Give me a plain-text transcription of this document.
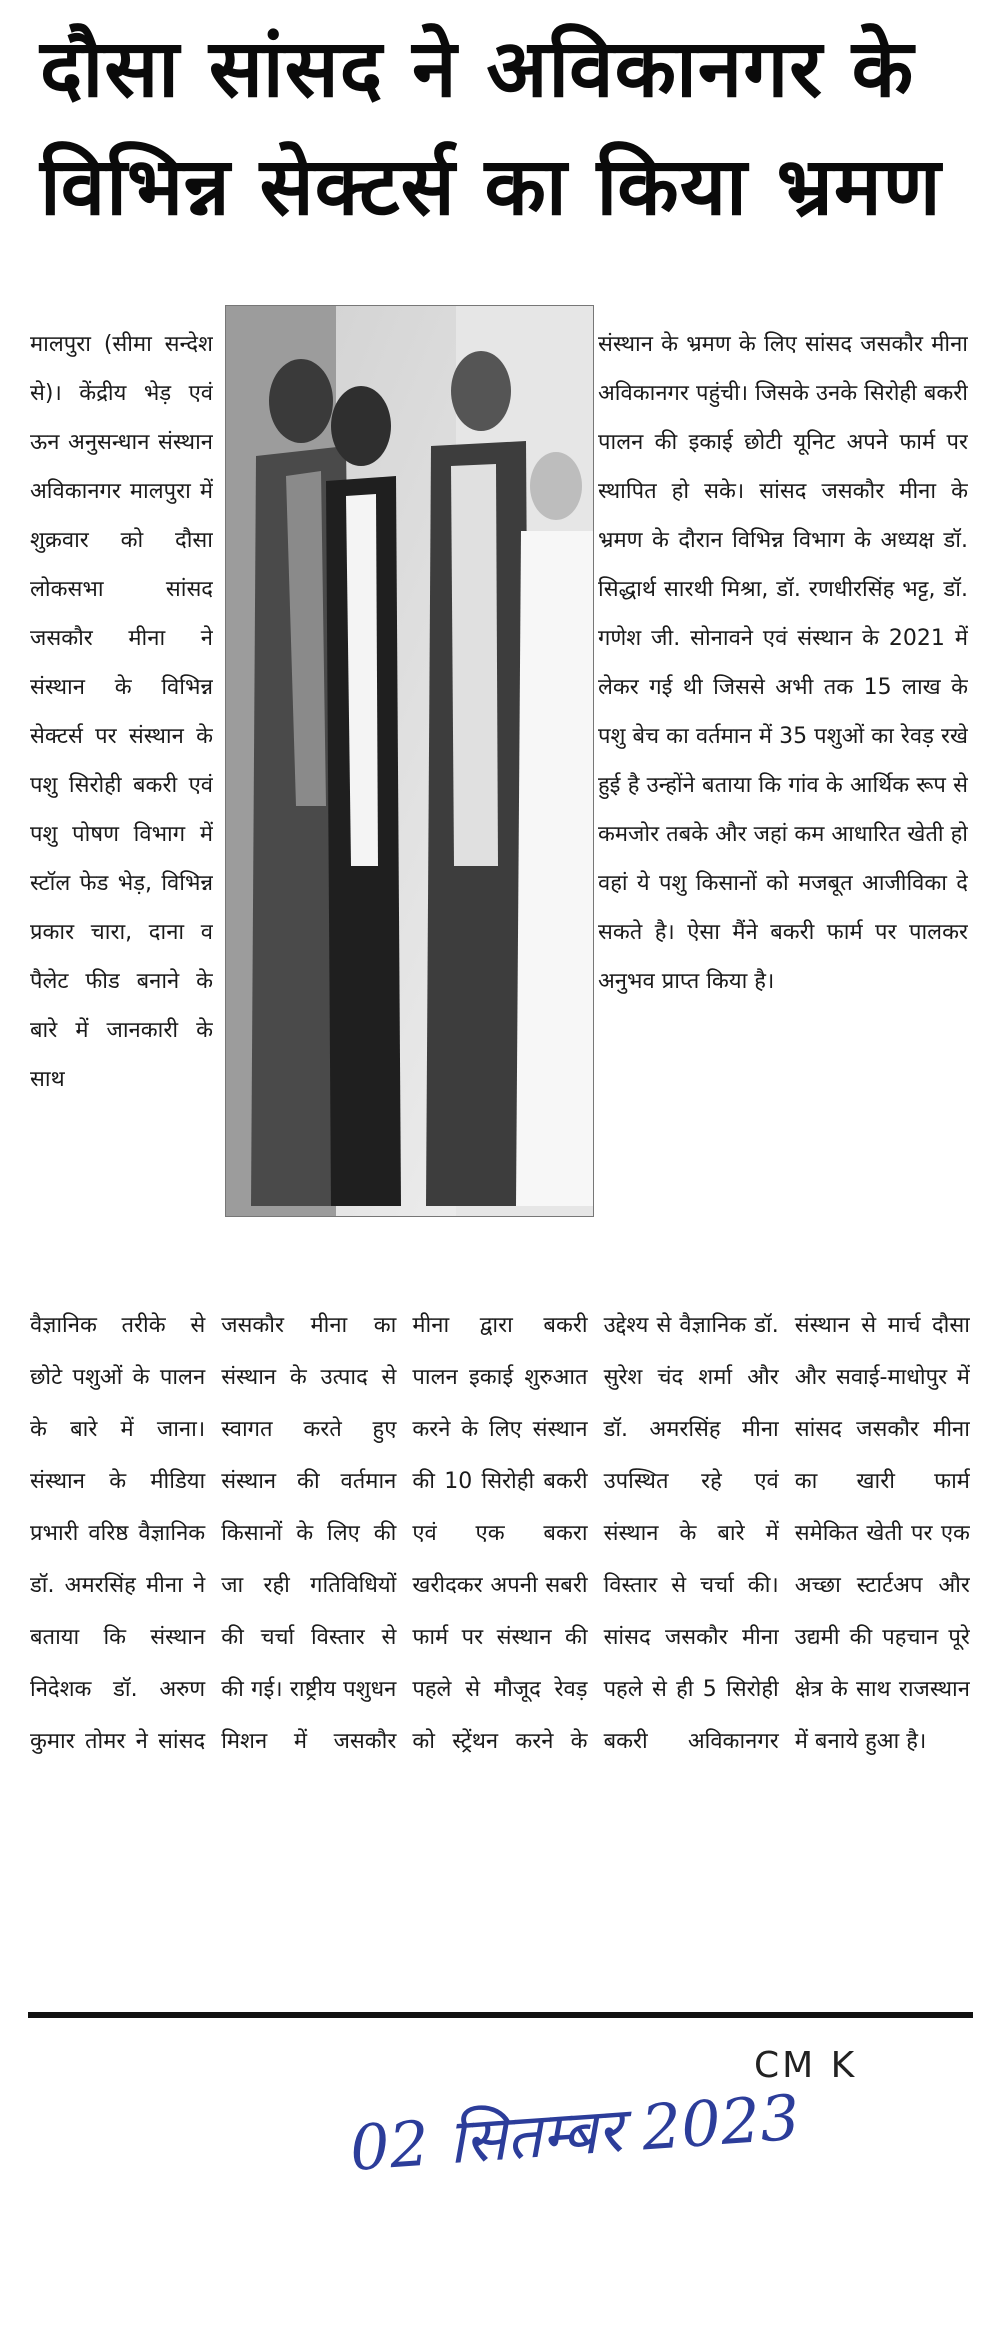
दौसा सांसद ने अविकानगर के विभिन्न सेक्टर्स का किया भ्रमण
मालपुरा (सीमा सन्देश से)। केंद्रीय भेड़ एवं ऊन अनुसन्धान संस्थान अविकानगर मालपुरा में शुक्रवार को दौसा लोकसभा सांसद जसकौर मीना ने संस्थान के विभिन्न सेक्टर्स पर संस्थान के पशु सिरोही बकरी एवं पशु पोषण विभाग में स्टॉल फेड भेड़, विभिन्न प्रकार चारा, दाना व पैलेट फीड बनाने के बारे में जानकारी के साथ
संस्थान के भ्रमण के लिए सांसद जसकौर मीना अविकानगर पहुंची। जिसके उनके सिरोही बकरी पालन की इकाई छोटी यूनिट अपने फार्म पर स्थापित हो सके। सांसद जसकौर मीना के भ्रमण के दौरान विभिन्न विभाग के अध्यक्ष डॉ. सिद्धार्थ सारथी मिश्रा, डॉ. रणधीरसिंह भट्ट, डॉ. गणेश जी. सोनावने एवं संस्थान के 2021 में लेकर गई थी जिससे अभी तक 15 लाख के पशु बेच का वर्तमान में 35 पशुओं का रेवड़ रखे हुई है उन्होंने बताया कि गांव के आर्थिक रूप से कमजोर तबके और जहां कम आधारित खेती हो वहां ये पशु किसानों को मजबूत आजीविका दे सकते है। ऐसा मैंने बकरी फार्म पर पालकर अनुभव प्राप्त किया है।
वैज्ञानिक तरीके से छोटे पशुओं के पालन के बारे में जाना। संस्थान के मीडिया प्रभारी वरिष्ठ वैज्ञानिक डॉ. अमरसिंह मीना ने बताया कि संस्थान निदेशक डॉ. अरुण कुमार तोमर ने सांसद जसकौर मीना का संस्थान के उत्पाद से स्वागत करते हुए संस्थान की वर्तमान किसानों के लिए की जा रही गतिविधियों की चर्चा विस्तार से की गई। राष्ट्रीय पशुधन मिशन में जसकौर मीना द्वारा बकरी पालन इकाई शुरुआत करने के लिए संस्थान की 10 सिरोही बकरी एवं एक बकरा खरीदकर अपनी सबरी फार्म पर संस्थान की पहले से मौजूद रेवड़ को स्ट्रेंथन करने के उद्देश्य से वैज्ञानिक डॉ. सुरेश चंद शर्मा और डॉ. अमरसिंह मीना उपस्थित रहे एवं संस्थान के बारे में विस्तार से चर्चा की। सांसद जसकौर मीना पहले से ही 5 सिरोही बकरी अविकानगर संस्थान से मार्च दौसा और सवाई-माधोपुर में सांसद जसकौर मीना का खारी फार्म समेकित खेती पर एक अच्छा स्टार्टअप और उद्यमी की पहचान पूरे क्षेत्र के साथ राजस्थान में बनाये हुआ है।
CM K
02 सितम्बर 2023
